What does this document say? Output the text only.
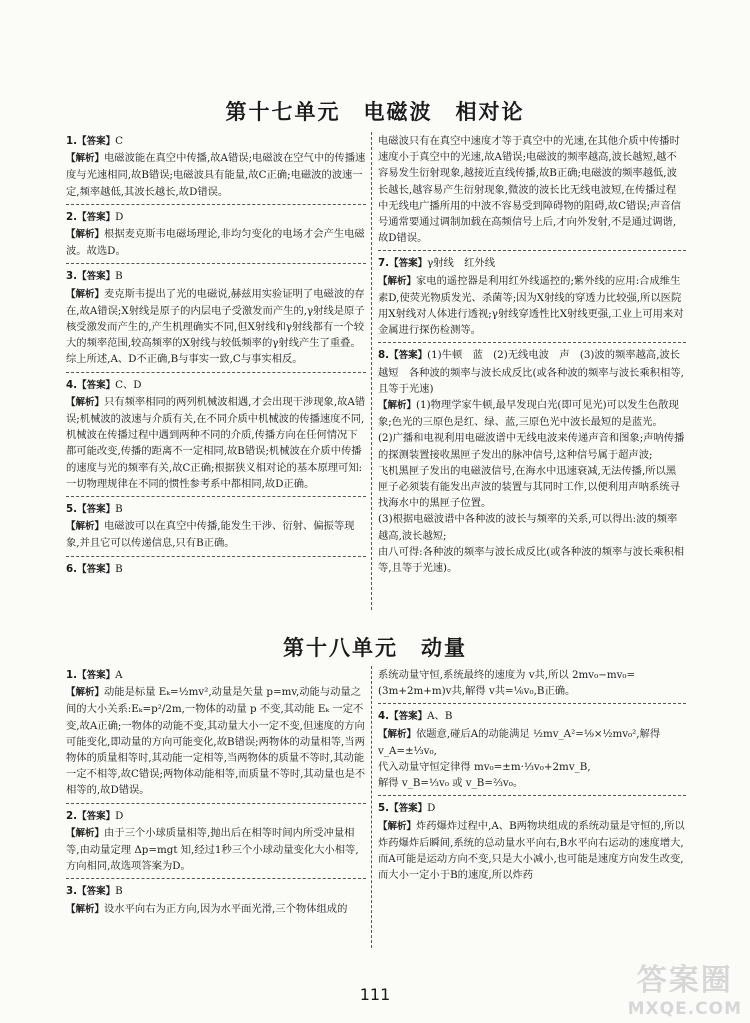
第十七单元　电磁波　相对论

1.【答案】C

【解析】电磁波能在真空中传播,故A错误;电磁波在空气中的传播速度与光速相同,故B错误;电磁波具有能量,故C正确;电磁波的波速一定,频率越低,其波长越长,故D错误。

2.【答案】D

【解析】根据麦克斯韦电磁场理论,非均匀变化的电场才会产生电磁波。故选D。

3.【答案】B

【解析】麦克斯韦提出了光的电磁说,赫兹用实验证明了电磁波的存在,故A错误;X射线是原子的内层电子受激发而产生的,γ射线是原子核受激发而产生的,产生机理确实不同,但X射线和γ射线都有一个较大的频率范围,较高频率的X射线与较低频率的γ射线产生了重叠。综上所述,A、D不正确,B与事实一致,C与事实相反。

4.【答案】C、D

【解析】只有频率相同的两列机械波相遇,才会出现干涉现象,故A错误;机械波的波速与介质有关,在不同介质中机械波的传播速度不同,机械波在传播过程中遇到两种不同的介质,传播方向在任何情况下都可能改变,传播的距离不一定相同,故B错误;机械波在介质中传播的速度与光的频率有关,故C正确;根据狭义相对论的基本原理可知:一切物理规律在不同的惯性参考系中都相同,故D正确。

5.【答案】B

【解析】电磁波可以在真空中传播,能发生干涉、衍射、偏振等现象,并且它可以传递信息,只有B正确。

6.【答案】B

电磁波只有在真空中速度才等于真空中的光速,在其他介质中传播时速度小于真空中的光速,故A错误;电磁波的频率越高,波长越短,越不容易发生衍射现象,越接近直线传播,故B正确;电磁波的频率越低,波长越长,越容易产生衍射现象,微波的波长比无线电波短,在传播过程中无线电广播所用的中波不容易受到障碍物的阻碍,故C错误;声音信号通常要通过调制加载在高频信号上后,才向外发射,不是通过调谐,故D错误。

7.【答案】γ射线　红外线

【解析】家电的遥控器是利用红外线遥控的;紫外线的应用:合成维生素D,使荧光物质发光、杀菌等;因为X射线的穿透力比较强,所以医院用X射线对人体进行透视;γ射线穿透性比X射线更强,工业上可用来对金属进行探伤检测等。

8.【答案】(1)牛顿　蓝　(2)无线电波　声　(3)波的频率越高,波长越短　各种波的频率与波长成反比(或各种波的频率与波长乘积相等,且等于光速)

【解析】(1)物理学家牛顿,最早发现白光(即可见光)可以发生色散现象;色光的三原色是红、绿、蓝,三原色光中波长最短的是蓝光。
(2)广播和电视利用电磁波谱中无线电波来传递声音和图象;声呐传播的探测装置接收黑匣子发出的脉冲信号,这种信号属于超声波;
飞机黑匣子发出的电磁波信号,在海水中迅速衰减,无法传播,所以黑匣子必须装有能发出声波的装置与其同时工作,以便利用声呐系统寻找海水中的黑匣子位置。
(3)根据电磁波谱中各种波的波长与频率的关系,可以得出:波的频率越高,波长越短;
由八可得:各种波的频率与波长成反比(或各种波的频率与波长乘积相等,且等于光速)。

第十八单元　动量

1.【答案】A

【解析】动能是标量 Eₖ=½mv²,动量是矢量 p=mv,动能与动量之间的大小关系:Eₖ=p²/2m,一物体的动量 p 不变,其动能 Eₖ 一定不变,故A正确;一物体的动能不变,其动量大小一定不变,但速度的方向可能变化,即动量的方向可能变化,故B错误;两物体的动量相等,当两物体的质量相等时,其动能一定相等,当两物体的质量不等时,其动能一定不相等,故C错误;两物体动能相等,而质量不等时,其动量也是不相等的,故D错误。

2.【答案】D

【解析】由于三个小球质量相等,抛出后在相等时间内所受冲量相等,由动量定理 Δp=mgt 知,经过1秒三个小球动量变化大小相等,方向相同,故选项答案为D。

3.【答案】B

【解析】设水平向右为正方向,因为水平面光滑,三个物体组成的

系统动量守恒,系统最终的速度为 v共,所以 2mv₀−mv₀=(3m+2m+m)v共,解得 v共=⅙v₀,B正确。

4.【答案】A、B

【解析】依题意,碰后A的动能满足 ½mv_A²=⅑×½mv₀²,解得 v_A=±⅓v₀,
代入动量守恒定律得 mv₀=±m·⅓v₀+2mv_B,
解得 v_B=⅓v₀ 或 v_B=⅔v₀。

5.【答案】D

【解析】炸药爆炸过程中,A、B两物块组成的系统动量是守恒的,所以炸药爆炸后瞬间,系统的总动量水平向右,B水平向右运动的速度增大,而A可能是运动方向不变,只是大小减小,也可能是速度方向发生改变,而大小一定小于B的速度,所以炸药

111	答案圈
MXQE.COM
